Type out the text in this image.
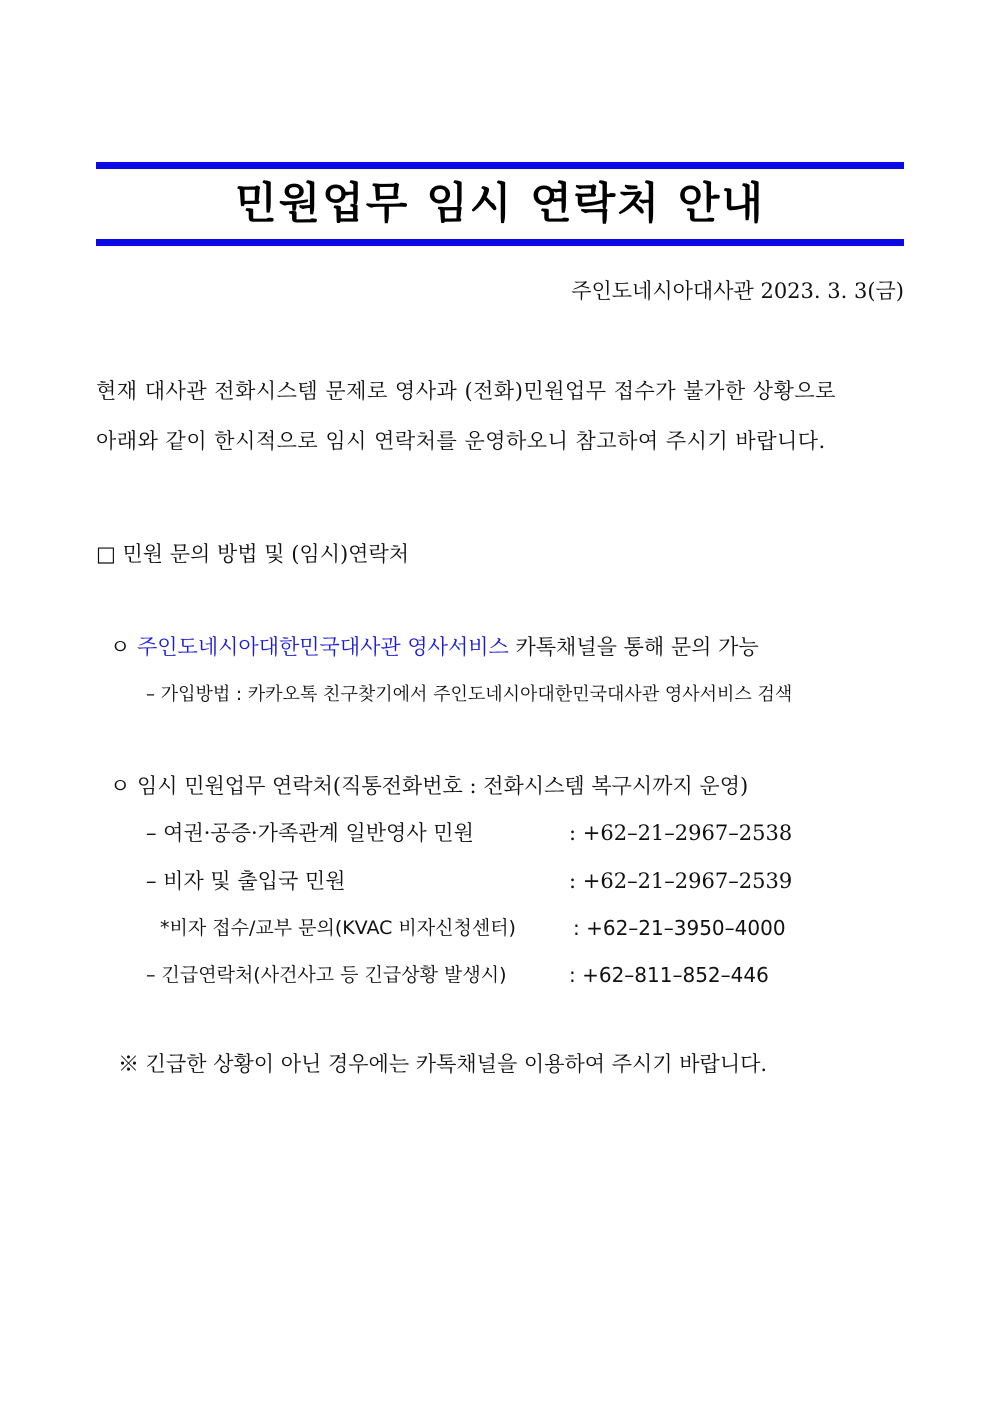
민원업무 임시 연락처 안내
주인도네시아대사관 2023. 3. 3(금)
현재 대사관 전화시스템 문제로 영사과 (전화)민원업무 접수가 불가한 상황으로
아래와 같이 한시적으로 임시 연락처를 운영하오니 참고하여 주시기 바랍니다.
□ 민원 문의 방법 및 (임시)연락처
ㅇ 주인도네시아대한민국대사관 영사서비스 카톡채널을 통해 문의 가능
– 가입방법 : 카카오톡 친구찾기에서 주인도네시아대한민국대사관 영사서비스 검색
ㅇ 임시 민원업무 연락처(직통전화번호 : 전화시스템 복구시까지 운영)
– 여권·공증·가족관계 일반영사 민원	: +62–21–2967–2538
– 비자 및 출입국 민원	: +62–21–2967–2539
*비자 접수/교부 문의(KVAC 비자신청센터)	: +62–21–3950–4000
– 긴급연락처(사건사고 등 긴급상황 발생시)	: +62–811–852–446
※ 긴급한 상황이 아닌 경우에는 카톡채널을 이용하여 주시기 바랍니다.
